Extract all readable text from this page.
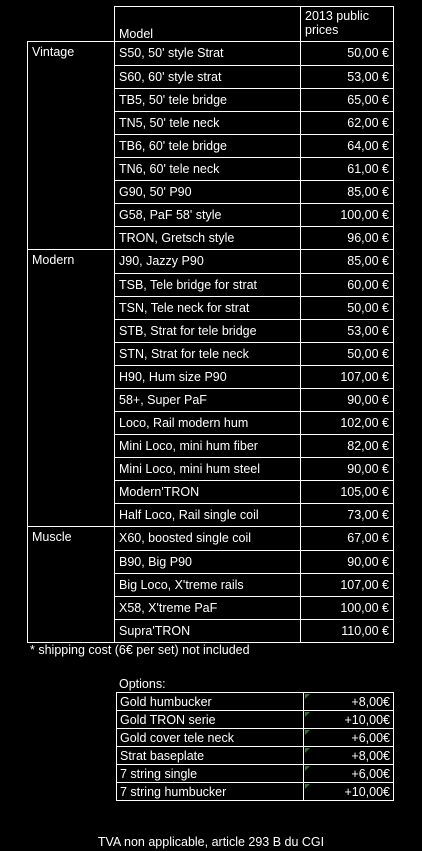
	Model	2013 public prices
Vintage	S50, 50' style Strat	50,00 €
	S60, 60' style strat	53,00 €
	TB5, 50' tele bridge	65,00 €
	TN5, 50' tele neck	62,00 €
	TB6, 60' tele bridge	64,00 €
	TN6, 60' tele neck	61,00 €
	G90, 50' P90	85,00 €
	G58, PaF 58' style	100,00 €
	TRON, Gretsch style	96,00 €
Modern	J90, Jazzy P90	85,00 €
	TSB, Tele bridge for strat	60,00 €
	TSN, Tele neck for strat	50,00 €
	STB, Strat for tele bridge	53,00 €
	STN, Strat for tele neck	50,00 €
	H90, Hum size P90	107,00 €
	58+, Super PaF	90,00 €
	Loco, Rail modern hum	102,00 €
	Mini Loco, mini hum fiber	82,00 €
	Mini Loco, mini hum steel	90,00 €
	Modern'TRON	105,00 €
	Half Loco, Rail single coil	73,00 €
Muscle	X60, boosted single coil	67,00 €
	B90, Big P90	90,00 €
	Big Loco, X'treme rails	107,00 €
	X58, X'treme PaF	100,00 €
	Supra'TRON	110,00 €
* shipping cost (6€ per set) not included
Options:
Gold humbucker	+8,00€
Gold TRON serie	+10,00€
Gold cover tele neck	+6,00€
Strat baseplate	+8,00€
7 string single	+6,00€
7 string humbucker	+10,00€
TVA non applicable, article 293 B du CGI
